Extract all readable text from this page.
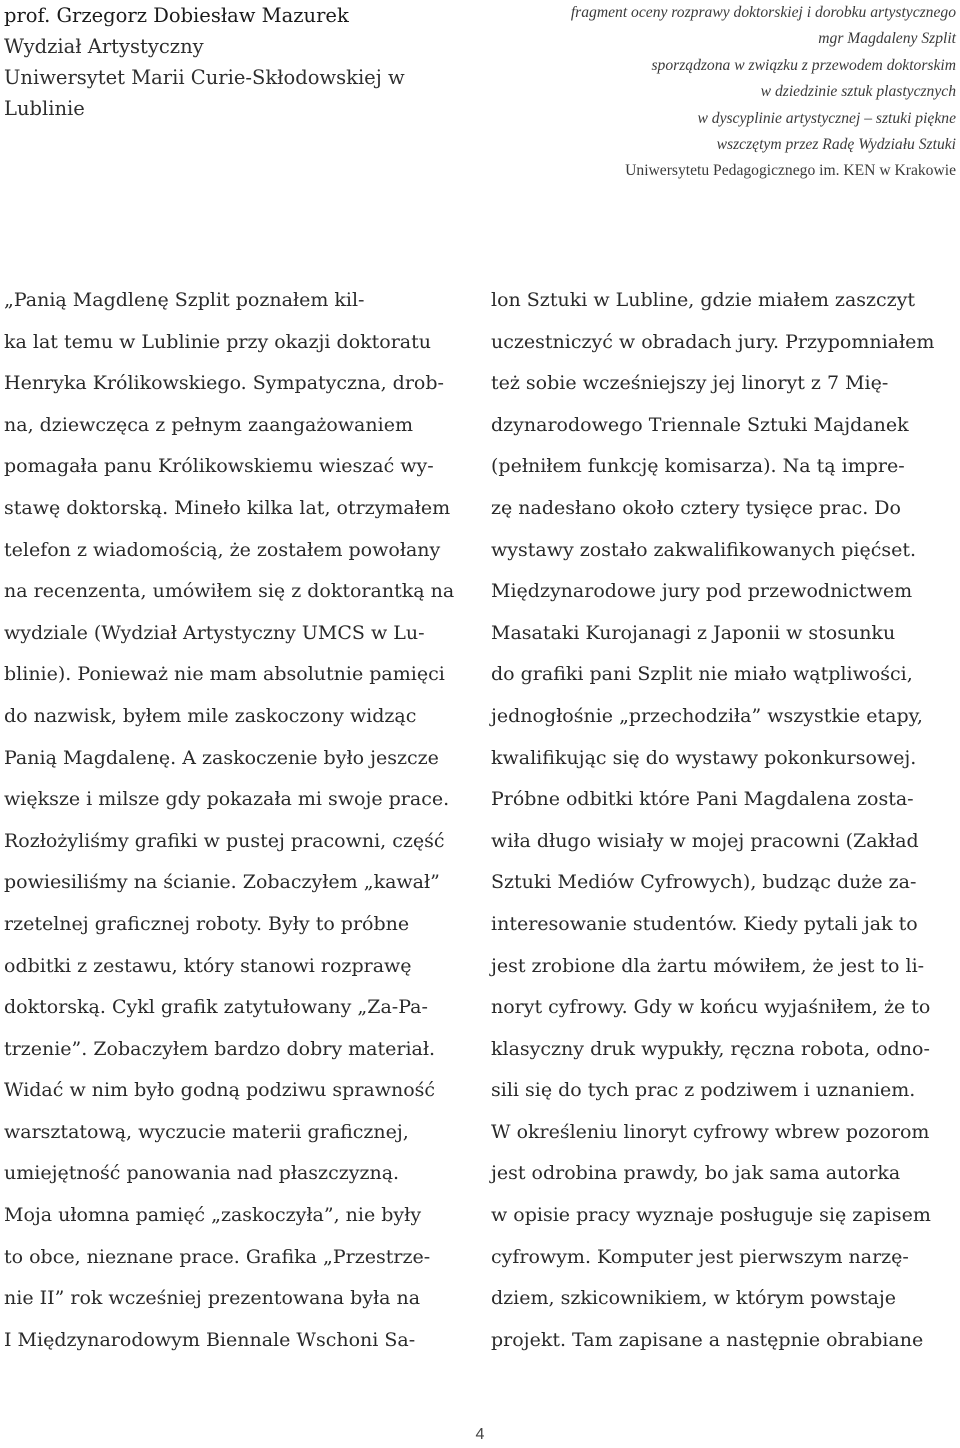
prof. Grzegorz Dobiesław Mazurek
Wydział Artystyczny
Uniwersytet Marii Curie-Skłodowskiej w Lublinie
fragment oceny rozprawy doktorskiej i dorobku artystycznego
mgr Magdaleny Szplit
sporządzona w związku z przewodem doktorskim
w dziedzinie sztuk plastycznych
w dyscyplinie artystycznej – sztuki piękne
wszczętym przez Radę Wydziału Sztuki
Uniwersytetu Pedagogicznego im. KEN w Krakowie
„Panią Magdlenę Szplit poznałem kil-
ka lat temu w Lublinie przy okazji doktoratu
Henryka Królikowskiego. Sympatyczna, drob-
na, dziewczęca z pełnym zaangażowaniem
pomagała panu Królikowskiemu wieszać wy-
stawę doktorską. Mineło kilka lat, otrzymałem
telefon z wiadomością, że zostałem powołany
na recenzenta, umówiłem się z doktorantką na
wydziale (Wydział Artystyczny UMCS w Lu-
blinie). Ponieważ nie mam absolutnie pamięci
do nazwisk, byłem mile zaskoczony widząc
Panią Magdalenę. A zaskoczenie było jeszcze
większe i milsze gdy pokazała mi swoje prace.
Rozłożyliśmy grafiki w pustej pracowni, część
powiesiliśmy na ścianie. Zobaczyłem „kawał”
rzetelnej graficznej roboty. Były to próbne
odbitki z zestawu, który stanowi rozprawę
doktorską. Cykl grafik zatytułowany „Za-Pa-
trzenie”. Zobaczyłem bardzo dobry materiał.
Widać w nim było godną podziwu sprawność
warsztatową, wyczucie materii graficznej,
umiejętność panowania nad płaszczyzną.
Moja ułomna pamięć „zaskoczyła”, nie były
to obce, nieznane prace. Grafika „Przestrze-
nie II” rok wcześniej prezentowana była na
I Międzynarodowym Biennale Wschoni Sa-
lon Sztuki w Lubline, gdzie miałem zaszczyt
uczestniczyć w obradach jury. Przypomniałem
też sobie wcześniejszy jej linoryt z 7 Mię-
dzynarodowego Triennale Sztuki Majdanek
(pełniłem funkcję komisarza). Na tą impre-
zę nadesłano około cztery tysięce prac. Do
wystawy zostało zakwalifikowanych pięćset.
Międzynarodowe jury pod przewodnictwem
Masataki Kurojanagi z Japonii w stosunku
do grafiki pani Szplit nie miało wątpliwości,
jednogłośnie „przechodziła” wszystkie etapy,
kwalifikując się do wystawy pokonkursowej.
Próbne odbitki które Pani Magdalena zosta-
wiła długo wisiały w mojej pracowni (Zakład
Sztuki Mediów Cyfrowych), budząc duże za-
interesowanie studentów. Kiedy pytali jak to
jest zrobione dla żartu mówiłem, że jest to li-
noryt cyfrowy. Gdy w końcu wyjaśniłem, że to
klasyczny druk wypukły, ręczna robota, odno-
sili się do tych prac z podziwem i uznaniem.
W określeniu linoryt cyfrowy wbrew pozorom
jest odrobina prawdy, bo jak sama autorka
w opisie pracy wyznaje posługuje się zapisem
cyfrowym. Komputer jest pierwszym narzę-
dziem, szkicownikiem, w którym powstaje
projekt. Tam zapisane a następnie obrabiane
4
